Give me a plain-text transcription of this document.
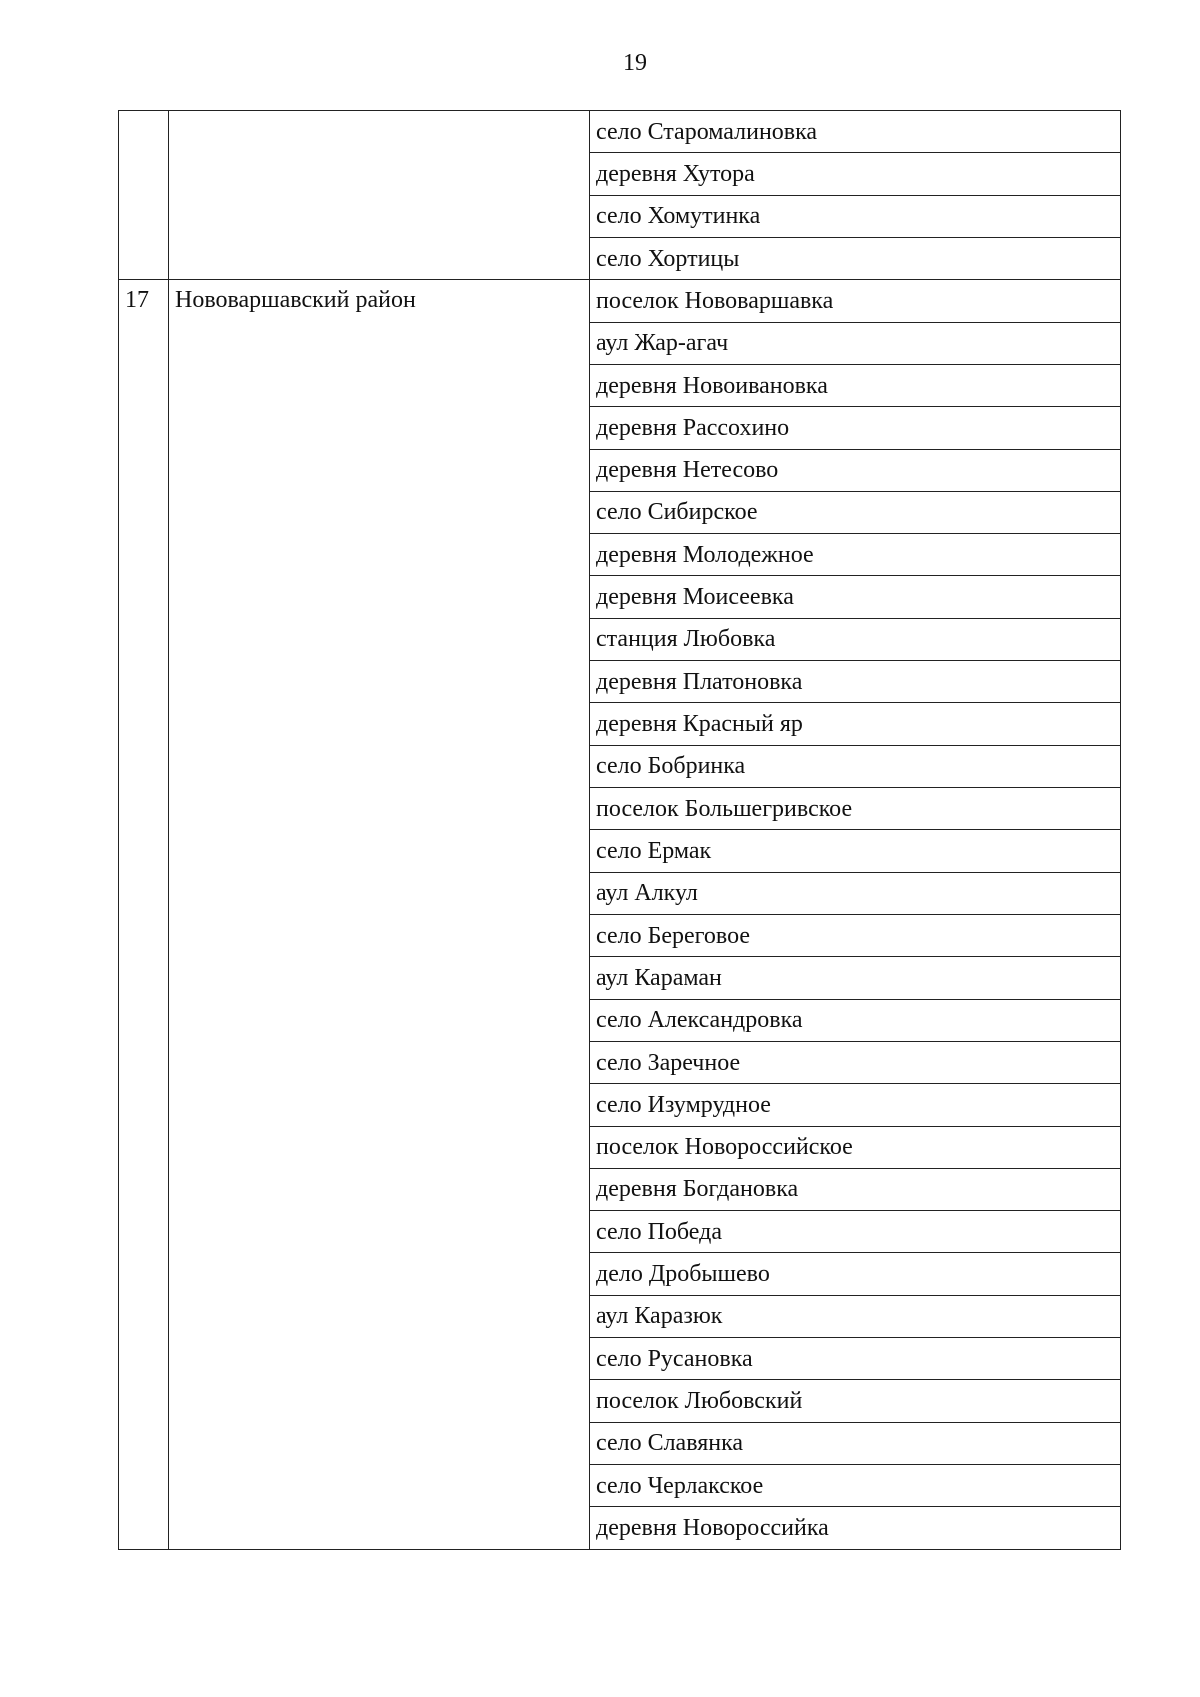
19
		село Старомалиновка
		деревня Хутора
		село Хомутинка
		село Хортицы
17	Нововаршавский район	поселок Нововаршавка
		аул Жар-агач
		деревня Новоивановка
		деревня Рассохино
		деревня Нетесово
		село Сибирское
		деревня Молодежное
		деревня Моисеевка
		станция Любовка
		деревня Платоновка
		деревня Красный яр
		село Бобринка
		поселок Большегривское
		село Ермак
		аул Алкул
		село Береговое
		аул Караман
		село Александровка
		село Заречное
		село Изумрудное
		поселок Новороссийское
		деревня Богдановка
		село Победа
		дело Дробышево
		аул Каразюк
		село Русановка
		поселок Любовский
		село Славянка
		село Черлакское
		деревня Новороссийка
